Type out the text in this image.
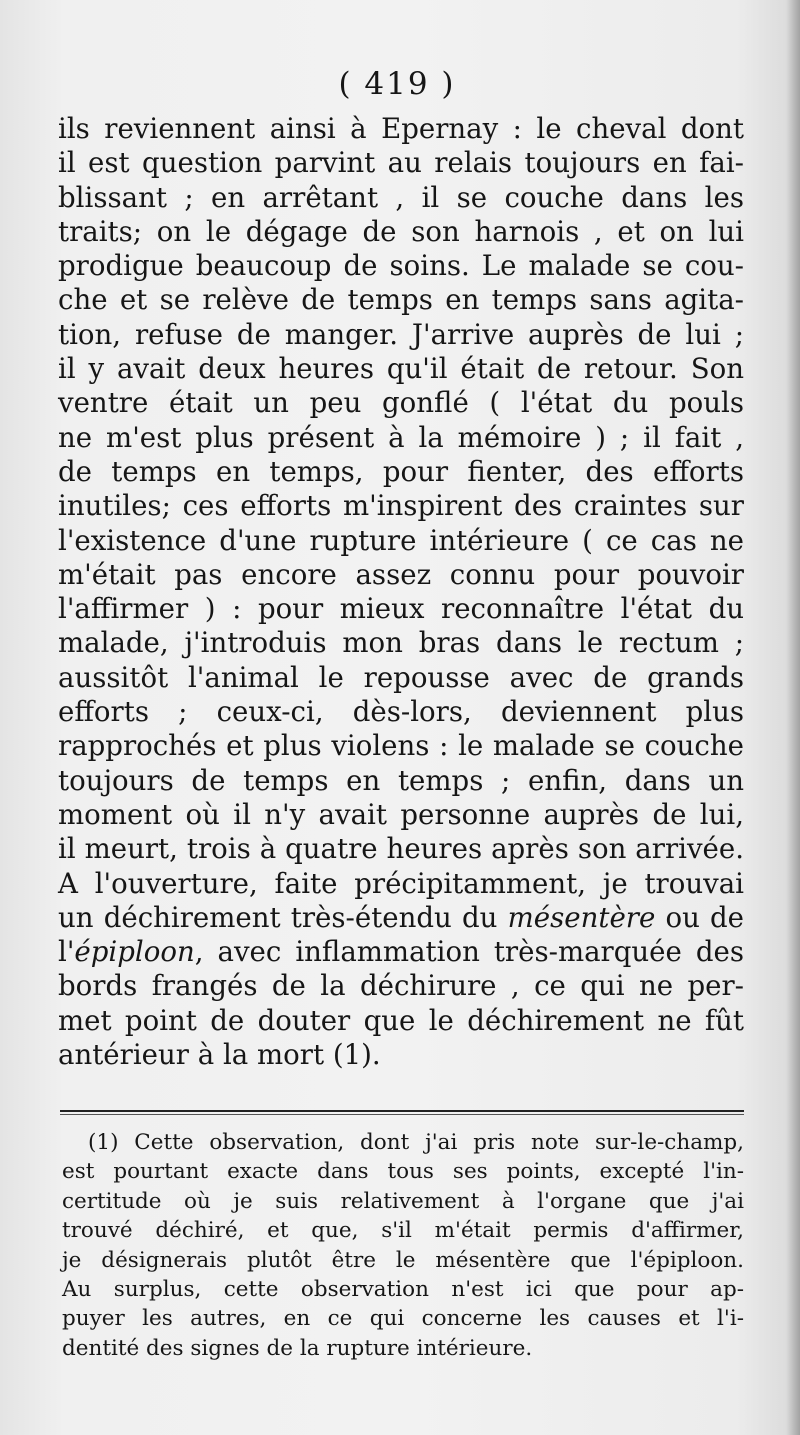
( 419 )
ils reviennent ainsi à Epernay : le cheval dont
il est question parvint au relais toujours en fai-
blissant ; en arrêtant , il se couche dans les
traits; on le dégage de son harnois , et on lui
prodigue beaucoup de soins. Le malade se cou-
che et se relève de temps en temps sans agita-
tion, refuse de manger. J'arrive auprès de lui ;
il y avait deux heures qu'il était de retour. Son
ventre était un peu gonflé ( l'état du pouls
ne m'est plus présent à la mémoire ) ; il fait ,
de temps en temps, pour fienter, des efforts
inutiles; ces efforts m'inspirent des craintes sur
l'existence d'une rupture intérieure ( ce cas ne
m'était pas encore assez connu pour pouvoir
l'affirmer ) : pour mieux reconnaître l'état du
malade, j'introduis mon bras dans le rectum ;
aussitôt l'animal le repousse avec de grands
efforts ; ceux-ci, dès-lors, deviennent plus
rapprochés et plus violens : le malade se couche
toujours de temps en temps ; enfin, dans un
moment où il n'y avait personne auprès de lui,
il meurt, trois à quatre heures après son arrivée.
A l'ouverture, faite précipitamment, je trouvai
un déchirement très-étendu du mésentère ou de
l'épiploon, avec inflammation très-marquée des
bords frangés de la déchirure , ce qui ne per-
met point de douter que le déchirement ne fût
antérieur à la mort (1).
(1) Cette observation, dont j'ai pris note sur-le-champ,
est pourtant exacte dans tous ses points, excepté l'in-
certitude où je suis relativement à l'organe que j'ai
trouvé déchiré, et que, s'il m'était permis d'affirmer,
je désignerais plutôt être le mésentère que l'épiploon.
Au surplus, cette observation n'est ici que pour ap-
puyer les autres, en ce qui concerne les causes et l'i-
dentité des signes de la rupture intérieure.
